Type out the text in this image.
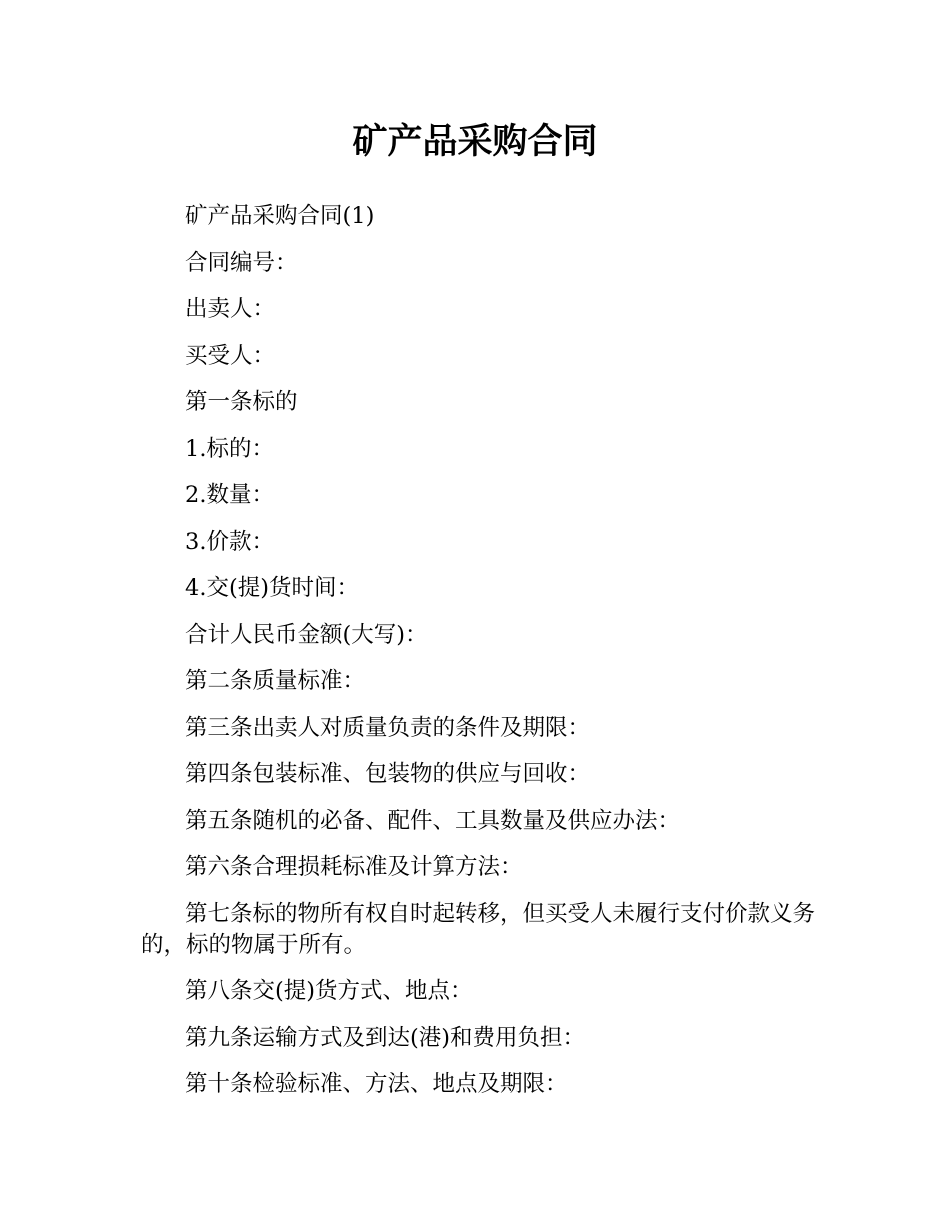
矿产品采购合同

矿产品采购合同(1)

合同编号：

出卖人：

买受人：

第一条标的

1.标的：

2.数量：

3.价款：

4.交(提)货时间：

合计人民币金额(大写)：

第二条质量标准：

第三条出卖人对质量负责的条件及期限：

第四条包装标准、包装物的供应与回收：

第五条随机的必备、配件、工具数量及供应办法：

第六条合理损耗标准及计算方法：

第七条标的物所有权自时起转移，但买受人未履行支付价款义务的，标的物属于所有。

第八条交(提)货方式、地点：

第九条运输方式及到达(港)和费用负担：

第十条检验标准、方法、地点及期限：
